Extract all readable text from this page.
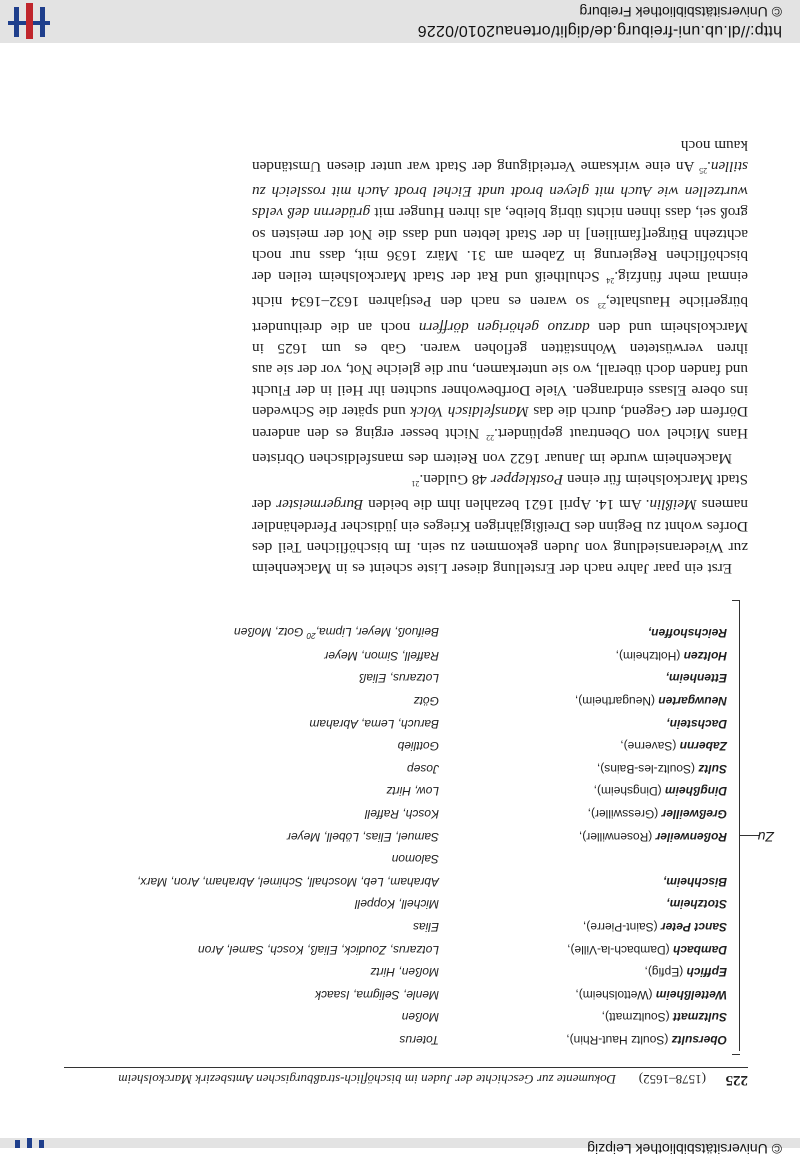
© Universitätsbibliothek Leipzig
225
(1578–1652)
Dokumente zur Geschichte der Juden im bischöflich-straßburgischen Amtsbezirk Marckolsheim
Obersultz (Soultz Haut-Rhin),
Toterus
Sultzmatt (Soultzmatt),
Moßen
Wettelßheim (Wettolsheim),
Menle, Seligma, Isaack
Epffich (Epfig),
Moßen, Hirtz
Dambach (Dambach-la-Ville),
Lotzarus, Zoudick, Eliaß, Kosch, Samel, Aron
Sanct Peter (Saint-Pierre),
Elias
Stotzheim,
Michell, Koppell
Bischheim,
Abraham, Leb, Moschall, Schimel, Abraham, Aron, Marx,
Salomon
Roßenweiler (Rosenwiller),
Samuel, Elias, Löbell, Meyer
Greßweiller (Gresswiller),
Kosch, Raffell
Dingßheim (Dingsheim),
Low, Hirtz
Sultz (Soultz-les-Bains),
Josep
Zabernn (Saverne),
Gottlieb
Dachstein,
Baruch, Lema, Abraham
Neuwgarten (Neugartheim),
Götz
Ettenheim,
Lotzarus, Eliaß
Holtzen (Holtzheim),
Raffell, Simon, Meyer
Reichshoffen,
Beifuoß, Meyer, Lipma,$^{20}$ Gotz, Moßen
Zu

Erst ein paar Jahre nach der Erstellung dieser Liste scheint es in Mackenheim zur Wiederansiedlung von Juden gekommen zu sein. Im bischöflichen Teil des Dorfes wohnt zu Beginn des Dreißigjährigen Krieges ein jüdischer Pferdehändler namens Meißlin. Am 14. April 1621 bezahlen ihm die beiden Burgermeister der Stadt Marckolsheim für einen Postklepper 48 Gulden.$^{21}$

Mackenheim wurde im Januar 1622 von Reitern des mansfeldischen Obristen Hans Michel von Obentraut geplündert.$^{22}$ Nicht besser erging es den anderen Dörfern der Gegend, durch die das Mansfeldisch Volck und später die Schweden ins obere Elsass eindrangen. Viele Dorfbewohner suchten ihr Heil in der Flucht und fanden doch überall, wo sie unterkamen, nur die gleiche Not, vor der sie aus ihren verwüsteten Wohnstätten geflohen waren. Gab es um 1625 in Marckolsheim und den darzuo gehörigen dörffern noch an die dreihundert bürgerliche Haushalte,$^{23}$ so waren es nach den Pestjahren 1632–1634 nicht einmal mehr fünfzig.$^{24}$ Schultheiß und Rat der Stadt Marckolsheim teilen der bischöflichen Regierung in Zabern am 31. März 1636 mit, dass nur noch achtzehn Bürger[familien] in der Stadt lebten und dass die Not der meisten so groß sei, dass ihnen nichts übrig bleibe, als ihren Hunger mit grüdernn deß velds wurtzellen wie Auch mit gleyen brodt undt Eichel brodt Auch mit rossleich zu stillen.$^{25}$ An eine wirksame Verteidigung der Stadt war unter diesen Umständen kaum noch

http://dl.ub.uni-freiburg.de/diglit/ortenau2010/0226
© Universitätsbibliothek Freiburg
